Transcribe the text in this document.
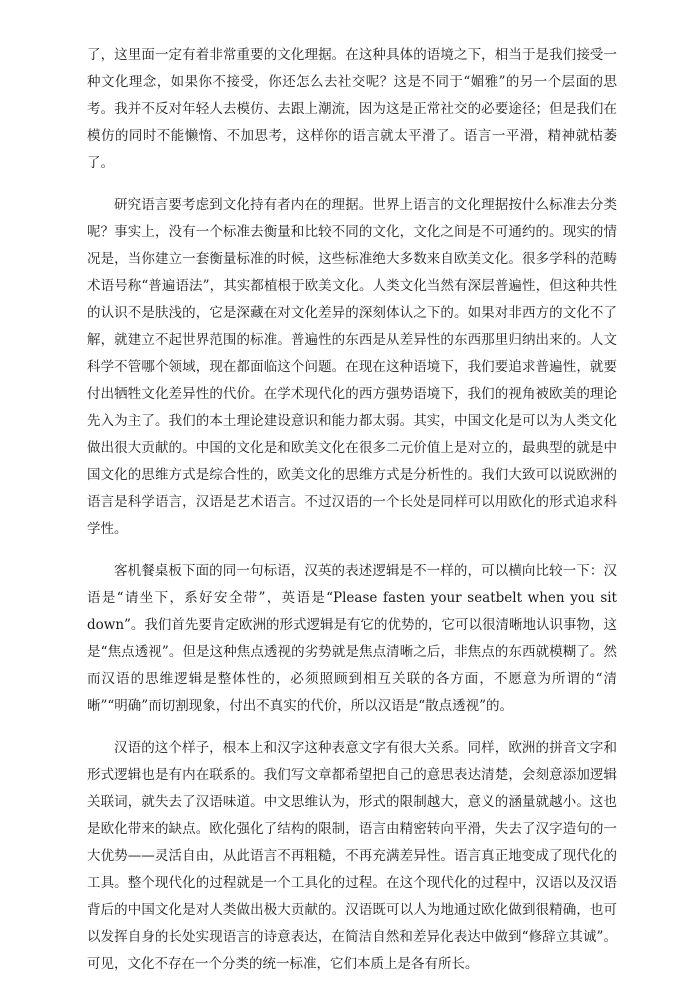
了，这里面一定有着非常重要的文化理据。在这种具体的语境之下，相当于是我们接受一种文化理念，如果你不接受，你还怎么去社交呢？这是不同于“媚雅”的另一个层面的思考。我并不反对年轻人去模仿、去跟上潮流，因为这是正常社交的必要途径；但是我们在模仿的同时不能懒惰、不加思考，这样你的语言就太平滑了。语言一平滑，精神就枯萎了。

研究语言要考虑到文化持有者内在的理据。世界上语言的文化理据按什么标准去分类呢？事实上，没有一个标准去衡量和比较不同的文化，文化之间是不可通约的。现实的情况是，当你建立一套衡量标准的时候，这些标准绝大多数来自欧美文化。很多学科的范畴术语号称“普遍语法”，其实都植根于欧美文化。人类文化当然有深层普遍性，但这种共性的认识不是肤浅的，它是深藏在对文化差异的深刻体认之下的。如果对非西方的文化不了解，就建立不起世界范围的标准。普遍性的东西是从差异性的东西那里归纳出来的。人文科学不管哪个领域，现在都面临这个问题。在现在这种语境下，我们要追求普遍性，就要付出牺牲文化差异性的代价。在学术现代化的西方强势语境下，我们的视角被欧美的理论先入为主了。我们的本土理论建设意识和能力都太弱。其实，中国文化是可以为人类文化做出很大贡献的。中国的文化是和欧美文化在很多二元价值上是对立的，最典型的就是中国文化的思维方式是综合性的，欧美文化的思维方式是分析性的。我们大致可以说欧洲的语言是科学语言，汉语是艺术语言。不过汉语的一个长处是同样可以用欧化的形式追求科学性。

客机餐桌板下面的同一句标语，汉英的表述逻辑是不一样的，可以横向比较一下：汉语是“请坐下，系好安全带”，英语是“Please fasten your seatbelt when you sit down”。我们首先要肯定欧洲的形式逻辑是有它的优势的，它可以很清晰地认识事物，这是“焦点透视”。但是这种焦点透视的劣势就是焦点清晰之后，非焦点的东西就模糊了。然而汉语的思维逻辑是整体性的，必须照顾到相互关联的各方面，不愿意为所谓的“清晰”“明确”而切割现象，付出不真实的代价，所以汉语是“散点透视”的。

汉语的这个样子，根本上和汉字这种表意文字有很大关系。同样，欧洲的拼音文字和形式逻辑也是有内在联系的。我们写文章都希望把自己的意思表达清楚，会刻意添加逻辑关联词，就失去了汉语味道。中文思维认为，形式的限制越大，意义的涵量就越小。这也是欧化带来的缺点。欧化强化了结构的限制，语言由精密转向平滑，失去了汉字造句的一大优势——灵活自由，从此语言不再粗糙，不再充满差异性。语言真正地变成了现代化的工具。整个现代化的过程就是一个工具化的过程。在这个现代化的过程中，汉语以及汉语背后的中国文化是对人类做出极大贡献的。汉语既可以人为地通过欧化做到很精确，也可以发挥自身的长处实现语言的诗意表达，在简洁自然和差异化表达中做到“修辞立其诚”。可见，文化不存在一个分类的统一标准，它们本质上是各有所长。
